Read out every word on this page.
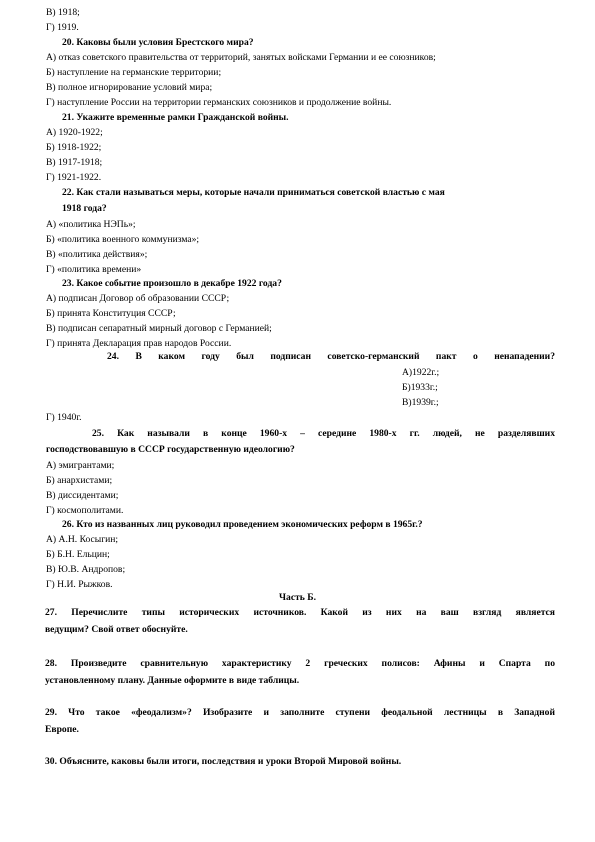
В) 1918;
Г) 1919.
20. Каковы были условия Брестского мира?
А) отказ советского правительства от территорий, занятых войсками Германии и ее союзников;
Б) наступление на германские территории;
В) полное игнорирование условий мира;
Г) наступление России на территории германских союзников и продолжение войны.
21. Укажите временные рамки Гражданской войны.
А) 1920-1922;
Б) 1918-1922;
В) 1917-1918;
Г) 1921-1922.
22. Как стали называться меры, которые начали приниматься советской властью с мая
1918 года?
А) «политика НЭПь»;
Б) «политика военного коммунизма»;
В) «политика действия»;
Г) «политика времени»
23. Какое событие произошло в декабре 1922 года?
А) подписан Договор об образовании СССР;
Б) принята Конституция СССР;
В) подписан сепаратный мирный договор с Германией;
Г) принята Декларация прав народов России.
24. В каком году был подписан советско-германский пакт о ненападении?
А)1922г.;
Б)1933г.;
В)1939г.;
Г) 1940г.
25. Как называли в конце 1960-х – середине 1980-х гг. людей, не разделявших
господствовавшую в СССР государственную идеологию?
А) эмигрантами;
Б) анархистами;
В) диссидентами;
Г) космополитами.
26. Кто из названных лиц руководил проведением экономических реформ в 1965г.?
А) А.Н. Косыгин;
Б) Б.Н. Ельцин;
В) Ю.В. Андропов;
Г) Н.И. Рыжков.
Часть Б.
27. Перечислите типы исторических источников. Какой из них на ваш взгляд является
ведущим? Свой ответ обоснуйте.
28. Произведите сравнительную характеристику 2 греческих полисов: Афины и Спарта по
установленному плану. Данные оформите в виде таблицы.
29. Что такое «феодализм»? Изобразите и заполните ступени феодальной лестницы в Западной
Европе.
30. Объясните, каковы были итоги, последствия и уроки Второй Мировой войны.
